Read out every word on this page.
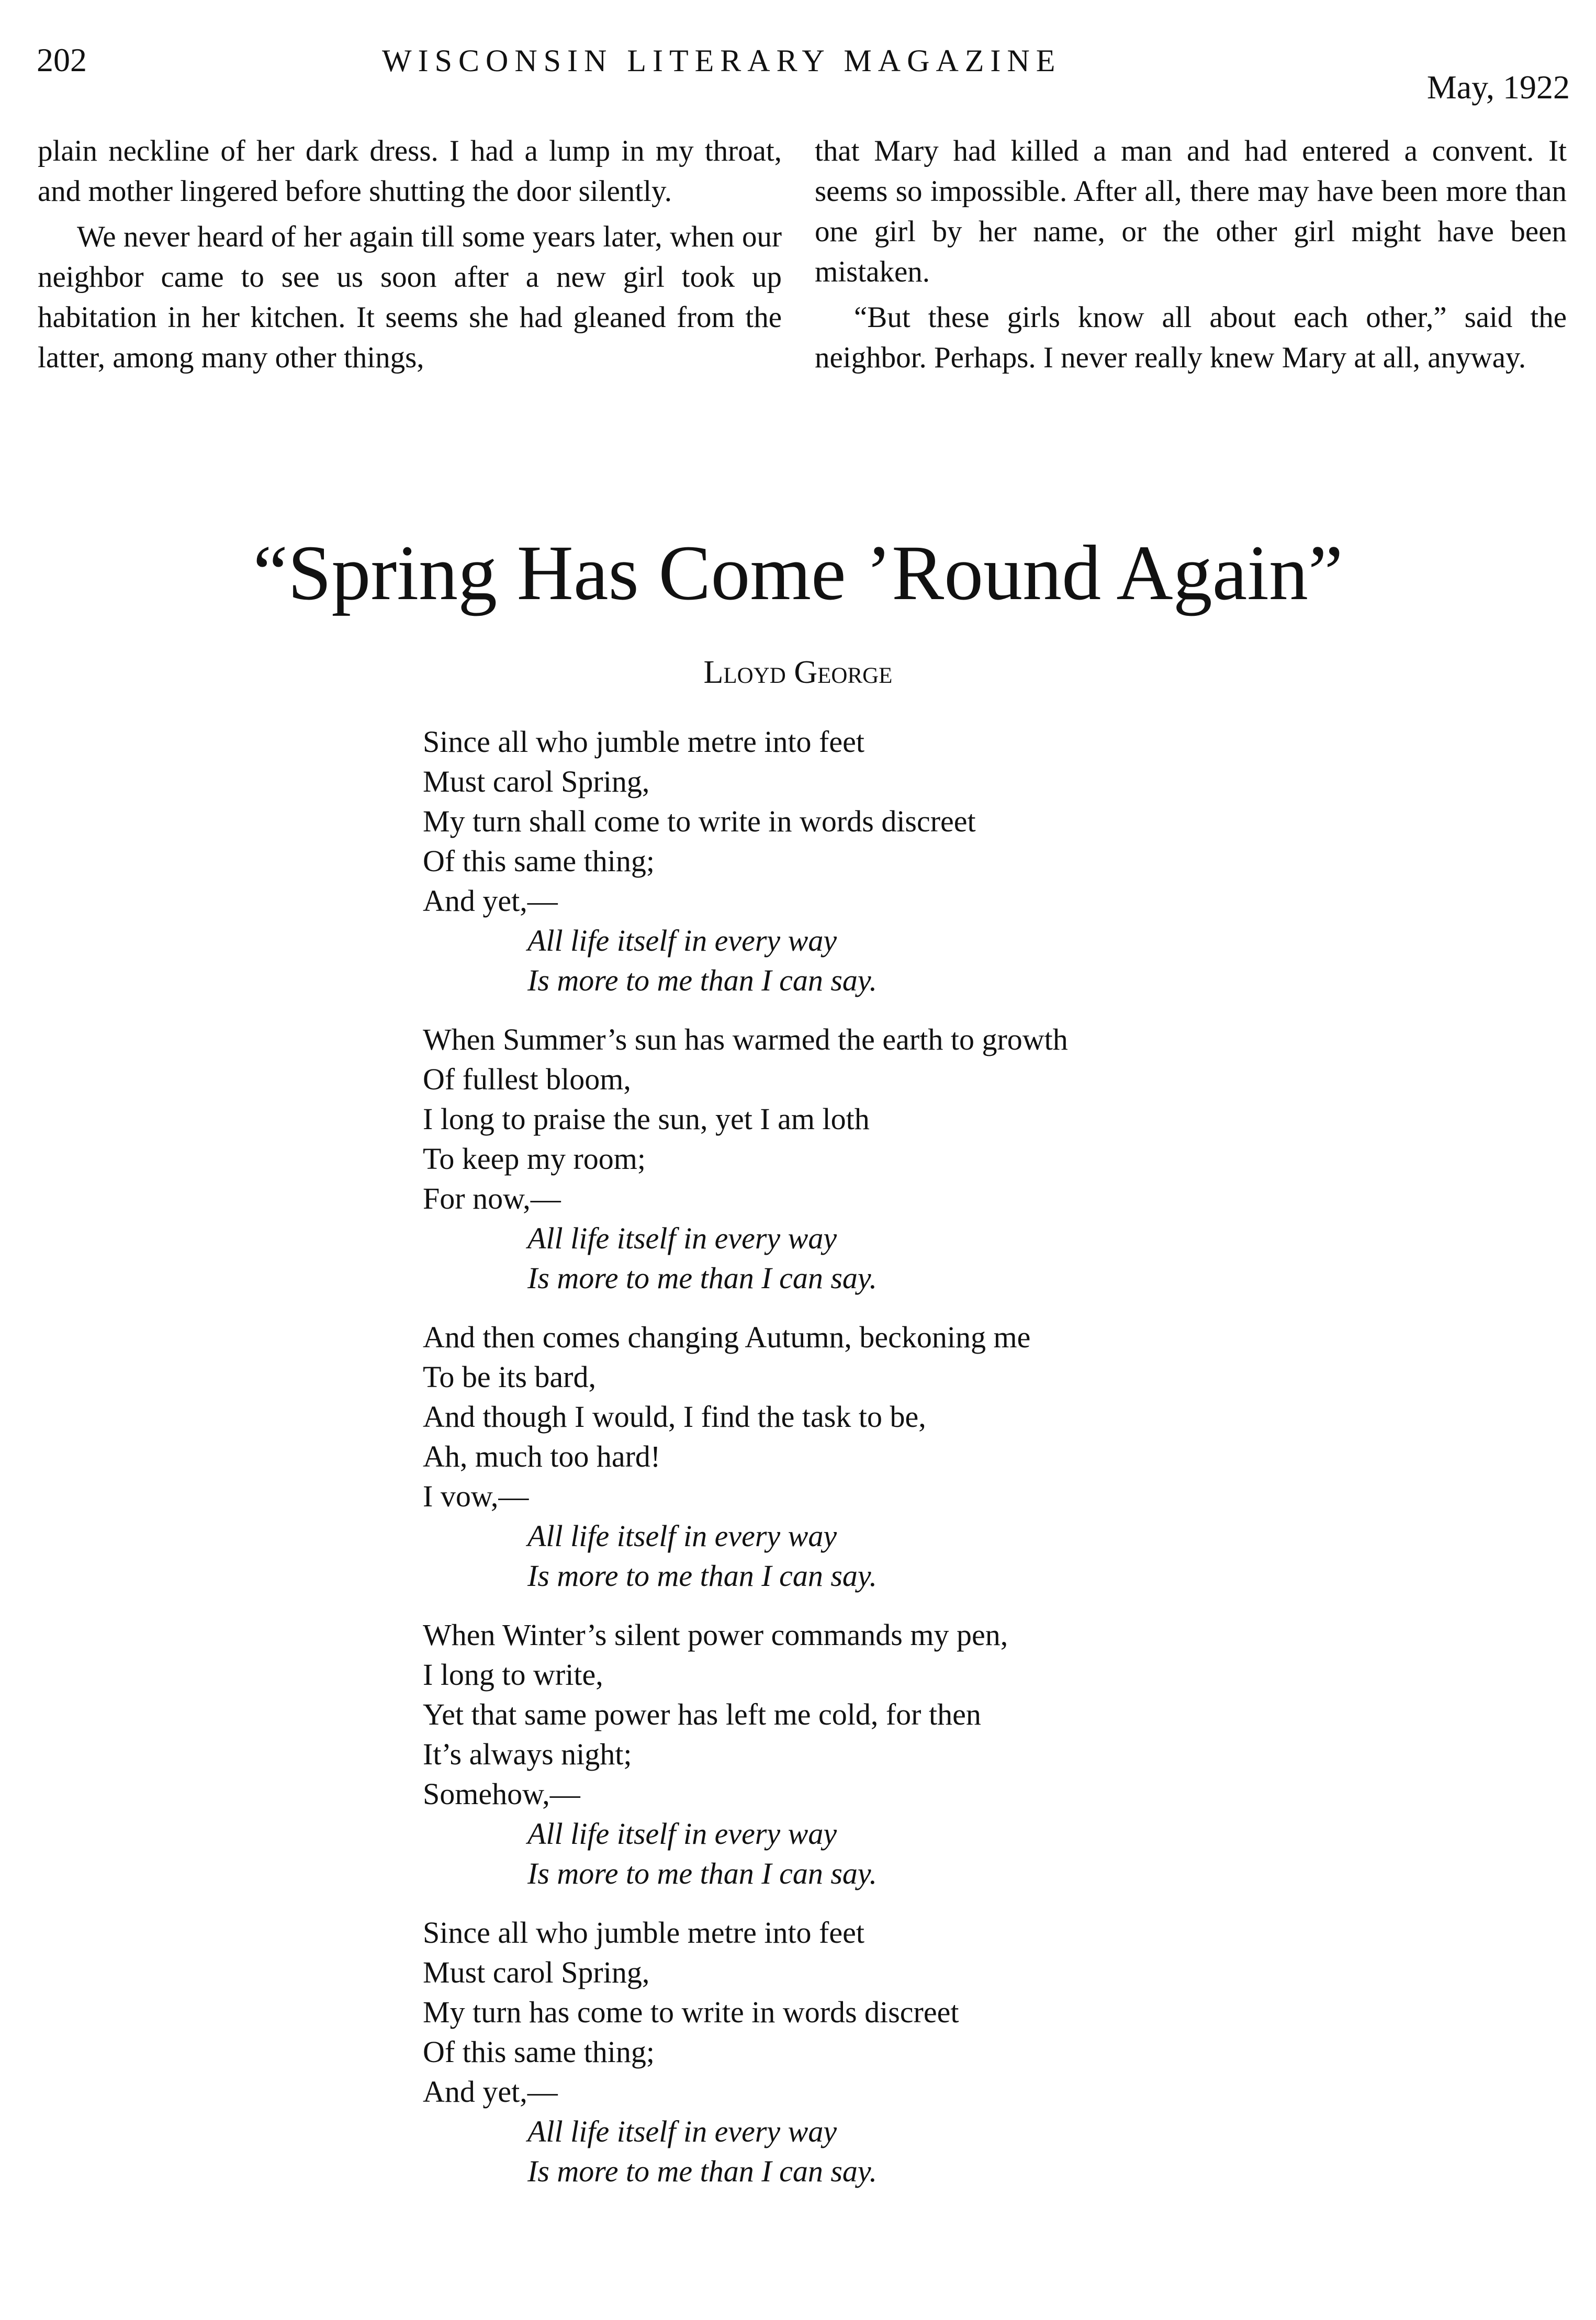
202	WISCONSIN LITERARY MAGAZINE
May, 1922

plain neckline of her dark dress. I had a lump in my throat, and mother lingered before shutting the door silently.

We never heard of her again till some years later, when our neighbor came to see us soon after a new girl took up habitation in her kitchen. It seems she had gleaned from the latter, among many other things,

that Mary had killed a man and had entered a convent. It seems so impossible. After all, there may have been more than one girl by her name, or the other girl might have been mistaken.

“But these girls know all about each other,” said the neighbor. Perhaps. I never really knew Mary at all, anyway.

“Spring Has Come ’Round Again”
Lloyd George
Since all who jumble metre into feet
Must carol Spring,
My turn shall come to write in words discreet
Of this same thing;
And yet,—
All life itself in every way
Is more to me than I can say.
When Summer’s sun has warmed the earth to growth
Of fullest bloom,
I long to praise the sun, yet I am loth
To keep my room;
For now,—
All life itself in every way
Is more to me than I can say.
And then comes changing Autumn, beckoning me
To be its bard,
And though I would, I find the task to be,
Ah, much too hard!
I vow,—
All life itself in every way
Is more to me than I can say.
When Winter’s silent power commands my pen,
I long to write,
Yet that same power has left me cold, for then
It’s always night;
Somehow,—
All life itself in every way
Is more to me than I can say.
Since all who jumble metre into feet
Must carol Spring,
My turn has come to write in words discreet
Of this same thing;
And yet,—
All life itself in every way
Is more to me than I can say.
